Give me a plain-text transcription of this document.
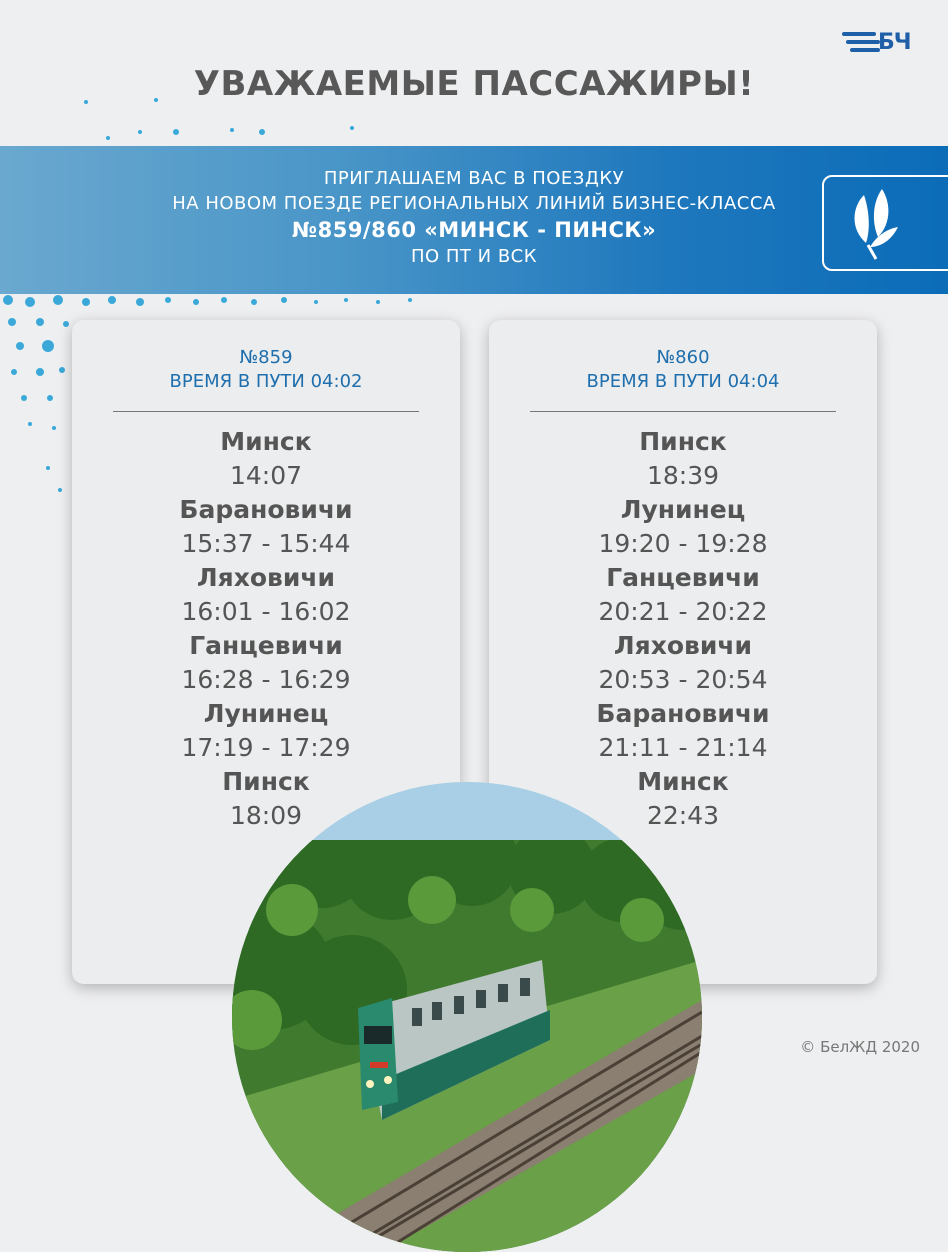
БЧ
УВАЖАЕМЫЕ ПАССАЖИРЫ!
ПРИГЛАШАЕМ ВАС В ПОЕЗДКУ
НА НОВОМ ПОЕЗДЕ РЕГИОНАЛЬНЫХ ЛИНИЙ БИЗНЕС-КЛАССА
№859/860 «МИНСК - ПИНСК»
ПО ПТ И ВСК
№859
ВРЕМЯ В ПУТИ 04:02
Минск
14:07
Барановичи
15:37 - 15:44
Ляховичи
16:01 - 16:02
Ганцевичи
16:28 - 16:29
Лунинец
17:19 - 17:29
Пинск
18:09
№860
ВРЕМЯ В ПУТИ 04:04
Пинск
18:39
Лунинец
19:20 - 19:28
Ганцевичи
20:21 - 20:22
Ляховичи
20:53 - 20:54
Барановичи
21:11 - 21:14
Минск
22:43
© БелЖД 2020
